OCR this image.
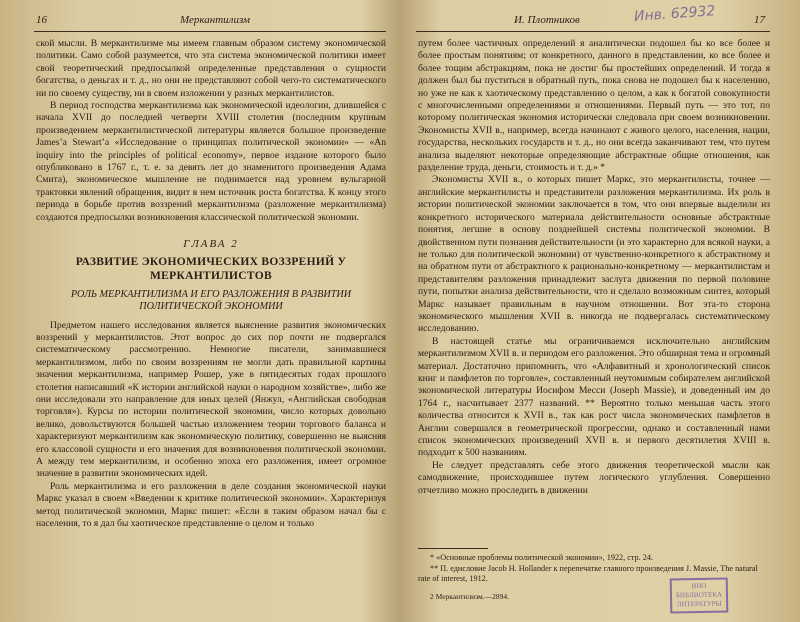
16	Меркантилизм

ской мысли. В меркантилизме мы имеем главным образом систему экономической политики. Само собой разумеется, что эта система экономической политики имеет свой теоретический предпосылкой определенные представления о сущности богатства, о деньгах и т. д., но они не представляют собой чего-то систематического ни по своему существу, ни в своем изложении у разных меркантилистов.

В период господства меркантилизма как экономической идеологии, длившейся с начала XVII до последней четверти XVIII столетия (последним крупным произведением меркантилистической литературы является большое произведение James’a Stewart’a «Исследование о принципах политической экономии» — «An inquiry into the principles of political economy», первое издание которого было опубликовано в 1767 г., т. е. за девять лет до знаменитого произведения Адама Смита), экономическое мышление не поднимается над уровнем вульгарной трактовки явлений обращения, видит в нем источник роста богатства. К концу этого периода в борьбе против воззрений меркантилизма (разложение меркантилизма) создаются предпосылки возникновения классической политической экономии.

ГЛАВА 2
РАЗВИТИЕ ЭКОНОМИЧЕСКИХ ВОЗЗРЕНИЙ У МЕРКАНТИЛИСТОВ
РОЛЬ МЕРКАНТИЛИЗМА И ЕГО РАЗЛОЖЕНИЯ В РАЗВИТИИ ПОЛИТИЧЕСКОЙ ЭКОНОМИИ

Предметом нашего исследования является выяснение развития экономических воззрений у меркантилистов. Этот вопрос до сих пор почти не подвергался систематическому рассмотрению. Немногие писатели, занимавшиеся меркантилизмом, либо по своим воззрениям не могли дать правильной картины значения меркантилизма, например Рошер, уже в пятидесятых годах прошлого столетия написавший «К истории английской науки о народном хозяйстве», либо же они исследовали это направление для иных целей (Янжул, «Английская свободная торговля»). Курсы по истории политической экономии, число которых довольно велико, довольствуются большей частью изложением теории торгового баланса и характеризуют меркантилизм как экономическую политику, совершенно не выясняя его классовой сущности и его значения для возникновения политической экономии. А между тем меркантилизм, и особенно эпоха его разложения, имеет огромное значение в развитии экономических идей.

Роль меркантилизма и его разложения в деле создания экономической науки Маркс указал в своем «Введении к критике политической экономии». Характеризуя метод политической экономии, Маркс пишет: «Если я таким образом начал бы с населения, то я дал бы хаотическое представление о целом и только

И. Плотников	17
Инв. 62932

путем более частичных определений я аналитически подошел бы ко все более и более простым понятиям; от конкретного, данного в представлении, ко все более и более тощим абстракциям, пока не достиг бы простейших определений. И тогда я должен был бы пуститься в обратный путь, пока снова не подошел бы к населению, но уже не как к хаотическому представлению о целом, а как к богатой совокупности с многочисленными определениями и отношениями. Первый путь — это тот, по которому политическая экономия исторически следовала при своем возникновении. Экономисты XVII в., например, всегда начинают с живого целого, населения, нации, государства, нескольких государств и т. д., но они всегда заканчивают тем, что путем анализа выделяют некоторые определяющие абстрактные общие отношения, как разделение труда, деньги, стоимость и т. д.» *

Экономисты XVII в., о которых пишет Маркс, это меркантилисты, точнее — английские меркантилисты и представители разложения меркантилизма. Их роль в истории политической экономии заключается в том, что они впервые выделили из конкретного исторического материала действительности основные абстрактные понятия, легшие в основу позднейшей системы политической экономии. В двойственном пути познания действительности (и это характерно для всякой науки, а не только для политической экономии) от чувственно-конкретного к абстрактному и на обратном пути от абстрактного к рационально-конкретному — меркантилистам и представителям разложения принадлежит заслуга движения по первой половине пути, попытки анализа действительности, что и сделало возможным синтез, который Маркс называет правильным в научном отношении. Вот эта-то сторона экономического мышления XVII в. никогда не подвергалась систематическому исследованию.

В настоящей статье мы ограничиваемся исключительно английским меркантилизмом XVII в. и периодом его разложения. Это обширная тема и огромный материал. Достаточно припомнить, что «Алфавитный и хронологический список книг и памфлетов по торговле», составленный неутомимым собирателем английской экономической литературы Иосифом Месси (Joseph Massie), и доведенный им до 1764 г., насчитывает 2377 названий. ** Вероятно только меньшая часть этого количества относится к XVII в., так как рост числа экономических памфлетов в Англии совершался в геометрической прогрессии, однако и составленный нами список экономических произведений XVII в. и первого десятилетия XVIII в. подходит к 500 названиям.

Не следует представлять себе этого движения теоретической мысли как самодвижение, происходившее путем логического углубления. Совершенно отчетливо можно проследить в движении

* «Основные проблемы политической экономии», 1922, стр. 24.

** П. едисловие Jacob H. Hollander к перепечатке главного произведения J. Massie, The natural rate of interest, 1912.

2 Меркантилизм.—2894.
ИНО
БИБЛИОТЕКА
ЛИТЕРАТУРЫ
